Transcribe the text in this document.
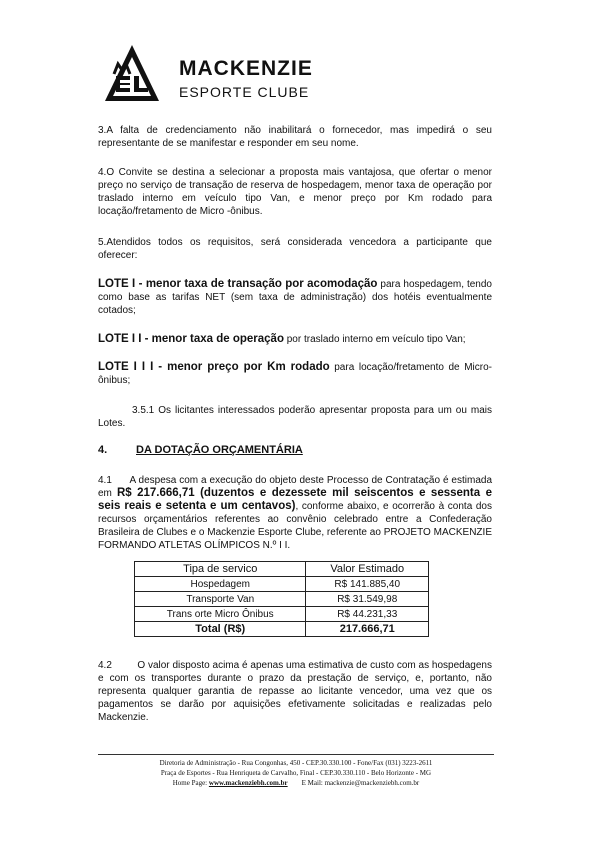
MACKENZIE
ESPORTE CLUBE
3.A falta de credenciamento não inabilitará o fornecedor, mas impedirá o seu representante de se manifestar e responder em seu nome.
4.O Convite se destina a selecionar a proposta mais vantajosa, que ofertar o menor preço no serviço de transação de reserva de hospedagem, menor taxa de operação por traslado interno em veículo tipo Van, e menor preço por Km rodado para locação/fretamento de Micro -ônibus.
5.Atendidos todos os requisitos, será considerada vencedora a participante que oferecer:
LOTE I - menor taxa de transação por acomodação para hospedagem, tendo como base as tarifas NET (sem taxa de administração) dos hotéis eventualmente cotados;
LOTE I I - menor taxa de operação por traslado interno em veículo tipo Van;
LOTE I I I - menor preço por Km rodado para locação/fretamento de Micro- ônibus;
3.5.1 Os licitantes interessados poderão apresentar proposta para um ou mais Lotes.
4.	DA DOTAÇÃO ORÇAMENTÁRIA
4.1 A despesa com a execução do objeto deste Processo de Contratação é estimada em R$ 217.666,71 (duzentos e dezessete mil seiscentos e sessenta e seis reais e setenta e um centavos), conforme abaixo, e ocorrerão à conta dos recursos orçamentários referentes ao convênio celebrado entre a Confederação Brasileira de Clubes e o Mackenzie Esporte Clube, referente ao PROJETO MACKENZIE FORMANDO ATLETAS OLÍMPICOS N.º I I.
Tipa de servico	Valor Estimado
Hospedagem	R$ 141.885,40
Transporte Van	R$ 31.549,98
Trans orte Micro Ônibus	R$ 44.231,33
Total (R$)	217.666,71
4.2	O valor disposto acima é apenas uma estimativa de custo com as hospedagens e com os transportes durante o prazo da prestação de serviço, e, portanto, não representa qualquer garantia de repasse ao licitante vencedor, uma vez que os pagamentos se darão por aquisições efetivamente solicitadas e realizadas pelo Mackenzie.
Diretoria de Administração - Rua Congonhas, 450 - CEP.30.330.100 - Fone/Fax (031) 3223-2611
Praça de Esportes - Rua Henriqueta de Carvalho, Final - CEP.30.330.110 - Belo Horizonte - MG
Home Page: www.mackenziebh.com.br E Mail: mackenzie@mackenziebh.com.br
